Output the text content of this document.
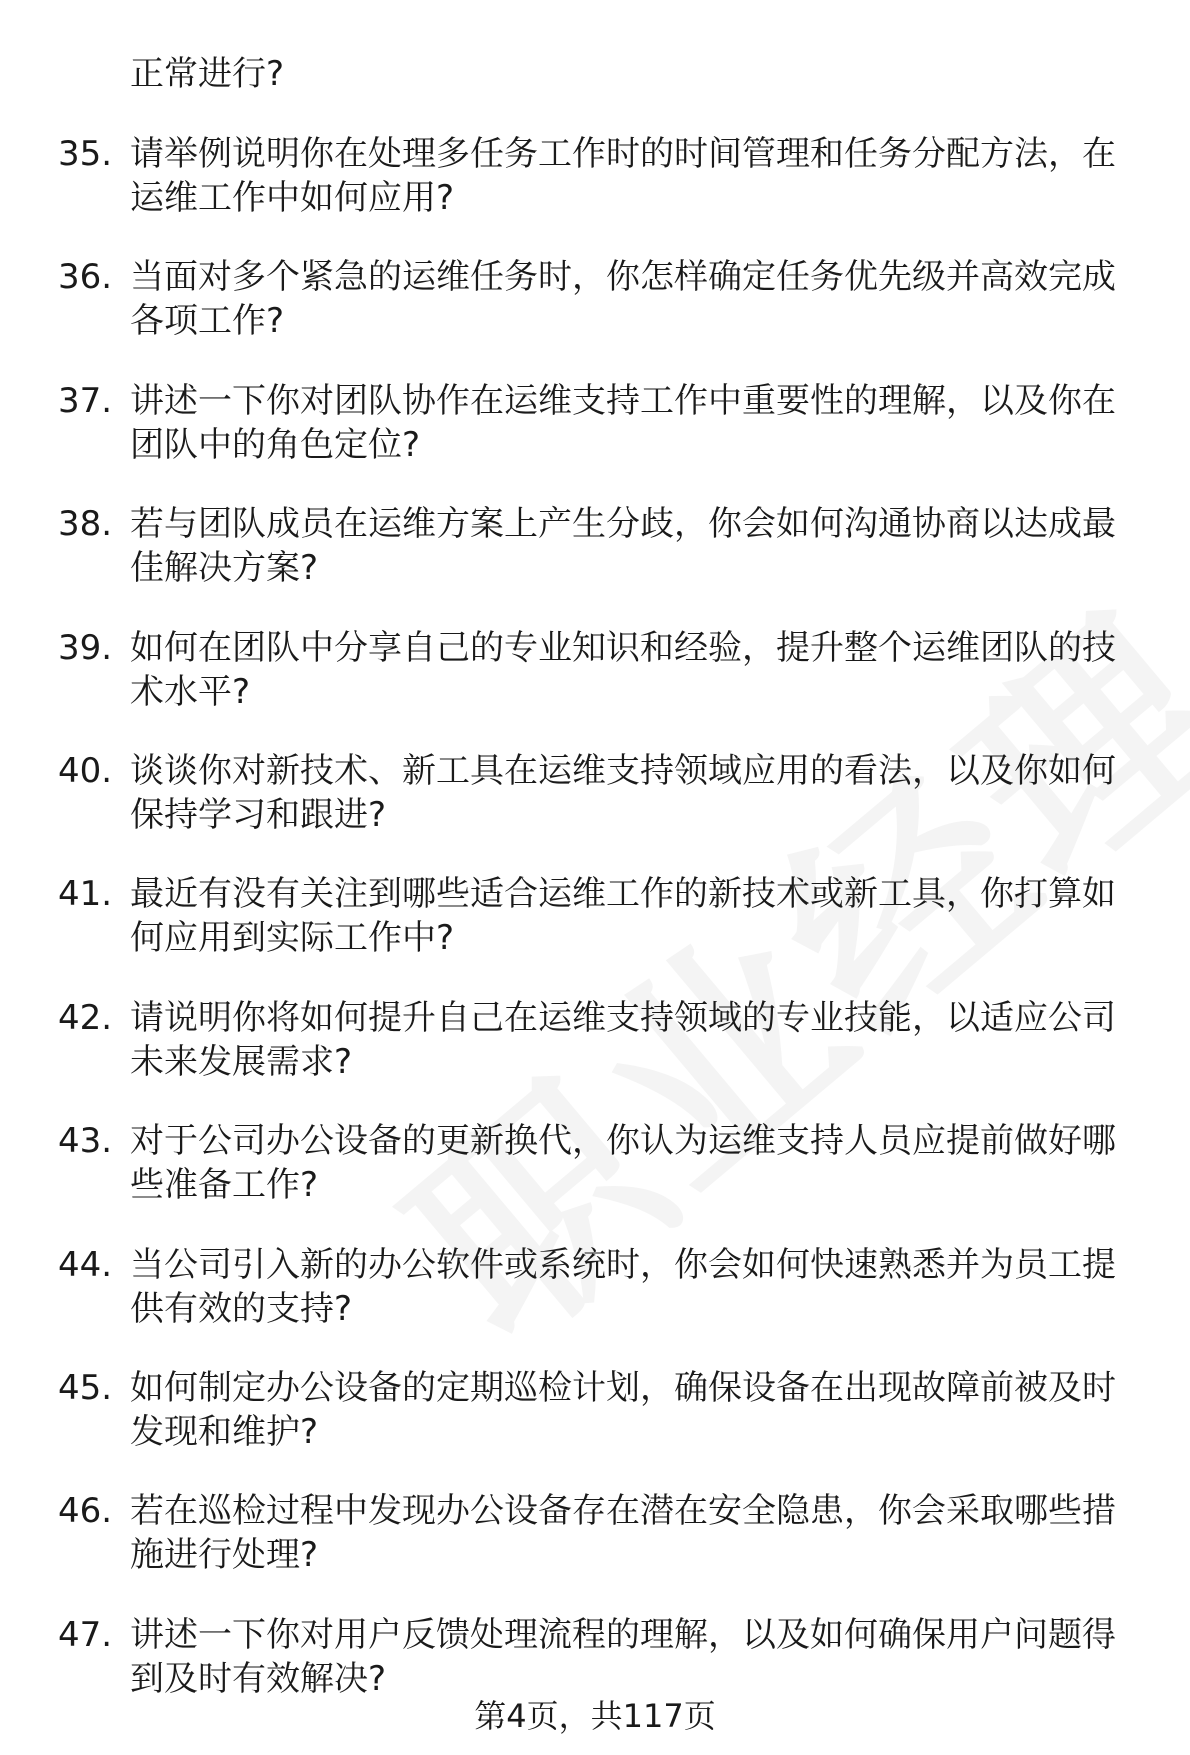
正常进行?

35. 请举例说明你在处理多任务工作时的时间管理和任务分配方法，在运维工作中如何应用?

36. 当面对多个紧急的运维任务时，你怎样确定任务优先级并高效完成各项工作?

37. 讲述一下你对团队协作在运维支持工作中重要性的理解，以及你在团队中的角色定位?

38. 若与团队成员在运维方案上产生分歧，你会如何沟通协商以达成最佳解决方案?

39. 如何在团队中分享自己的专业知识和经验，提升整个运维团队的技术水平?

40. 谈谈你对新技术、新工具在运维支持领域应用的看法，以及你如何保持学习和跟进?

41. 最近有没有关注到哪些适合运维工作的新技术或新工具，你打算如何应用到实际工作中?

42. 请说明你将如何提升自己在运维支持领域的专业技能，以适应公司未来发展需求?

43. 对于公司办公设备的更新换代，你认为运维支持人员应提前做好哪些准备工作?

44. 当公司引入新的办公软件或系统时，你会如何快速熟悉并为员工提供有效的支持?

45. 如何制定办公设备的定期巡检计划，确保设备在出现故障前被及时发现和维护?

46. 若在巡检过程中发现办公设备存在潜在安全隐患，你会采取哪些措施进行处理?

47. 讲述一下你对用户反馈处理流程的理解，以及如何确保用户问题得到及时有效解决?

第4页，共117页
